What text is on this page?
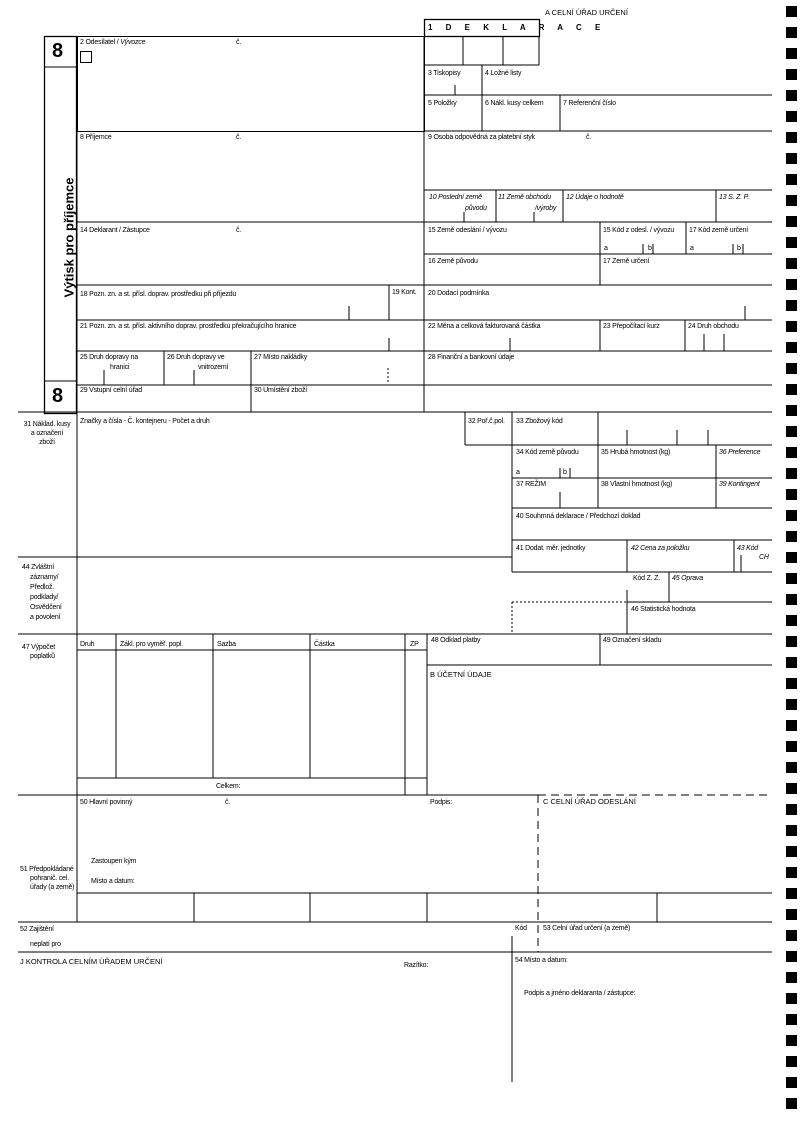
8
8
Výtisk pro příjemce
1 D E K L A R A C E
A CELNÍ ÚŘAD URČENÍ
2 Odesílatel / Vývozce	č.
3 Tiskopisy	4 Ložné listy
5 Položky	6 Nákl. kusy celkem	7 Referenční číslo
8 Příjemce	č.	9 Osoba odpovědná za platební styk	č.
10 Poslední země
původu
11 Země obchodu
/výroby
12 Údaje o hodnotě	13 S. Z. P.
14 Deklarant / Zástupce	č.	15 Země odeslání / vývozu	15 Kód z odesl. / vývozu 17 Kód země určení
a	b	a	b
16 Země původu	17 Země určení
18 Pozn. zn. a st. přísl. doprav. prostředku při příjezdu	19 Kont. 20 Dodací podmínka
21 Pozn. zn. a st. přísl. aktivního doprav. prostředku překračujícího hranice	22 Měna a celková fakturovaná částka	23 Přepočítací kurz	24 Druh obchodu
25 Druh dopravy na
hranici
26 Druh dopravy ve
vnitrozemí
27 Místo nakládky	28 Finanční a bankovní údaje
29 Vstupní celní úřad	30 Umístění zboží
31 Náklad. kusy
a označení
zboží
Značky a čísla - Č. kontejneru - Počet a druh	32 Poř.č.pol. 33 Zbožový kód
34 Kód země původu
a	b
35 Hrubá hmotnost (kg)	36 Preference
37 REŽIM	38 Vlastní hmotnost (kg)	39 Kontingent
40 Souhrnná deklarace / Předchozí doklad
41 Dodat. měr. jednotky	42 Cena za položku	43 Kód
CH
Kód Z. Z. 45 Oprava
46 Statistická hodnota
44 Zvláštní
záznamy/
Předlož.
podklady/
Osvědčení
a povolení
47 Výpočet
poplatků
Druh	Zákl. pro vyměř. popl.	Sazba	Částka	ZP
Celkem:
48 Odklad platby	49 Označení skladu
B ÚČETNÍ ÚDAJE
50 Hlavní povinný	č.	Podpis:	C CELNÍ ÚŘAD ODESLÁNÍ
Zastoupen kým
Místo a datum:
51 Předpokládané
pohranič. cel.
úřady (a země)
52 Zajištění
neplatí pro
Kód 53 Celní úřad určení (a země)
J KONTROLA CELNÍM ÚŘADEM URČENÍ	Razítko:
54 Místo a datum:
Podpis a jméno deklaranta / zástupce:
